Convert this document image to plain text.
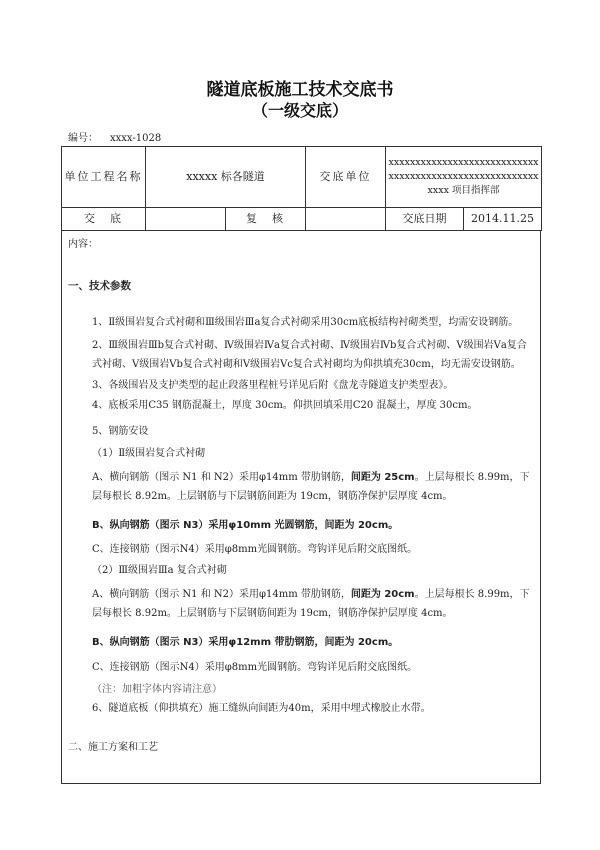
隧道底板施工技术交底书
（一级交底）
编号： xxxx-1028
单位工程名称	xxxxx 标各隧道		交底单位	xxxxxxxxxxxxxxxxxxxxxxxxxxxxxxxxxxxxxxxxxxxxxxxxxxxxxxxxxxxx 项目指挥部	
交　底		复　核		交底日期	2014.11.25
内容：
一、技术参数
1、Ⅱ级围岩复合式衬砌和Ⅲ级围岩Ⅲa复合式衬砌采用30cm底板结构衬砌类型，均需安设钢筋。
2、Ⅲ级围岩Ⅲb复合式衬砌、Ⅳ级围岩Ⅳa复合式衬砌、Ⅳ级围岩Ⅳb复合式衬砌、Ⅴ级围岩Ⅴa复合式衬砌、Ⅴ级围岩Ⅴb复合式衬砌和Ⅴ级围岩Ⅴc复合式衬砌均为仰拱填充30cm，均无需安设钢筋。
3、各级围岩及支护类型的起止段落里程桩号详见后附《盘龙寺隧道支护类型表》。
4、底板采用C35 钢筋混凝土，厚度 30cm。仰拱回填采用C20 混凝土，厚度 30cm。
5、钢筋安设
（1）Ⅱ级围岩复合式衬砌
A、横向钢筋（图示 N1 和 N2）采用φ14mm 带肋钢筋，间距为 25cm。上层每根长 8.99m，下层每根长 8.92m。上层钢筋与下层钢筋间距为 19cm，钢筋净保护层厚度 4cm。
B、纵向钢筋（图示 N3）采用φ10mm 光圆钢筋，间距为 20cm。
C、连接钢筋（图示N4）采用φ8mm光圆钢筋。弯钩详见后附交底图纸。
（2）Ⅲ级围岩Ⅲa 复合式衬砌
A、横向钢筋（图示 N1 和 N2）采用φ14mm 带肋钢筋，间距为 20cm。上层每根长 8.99m，下层每根长 8.92m。上层钢筋与下层钢筋间距为 19cm，钢筋净保护层厚度 4cm。
B、纵向钢筋（图示 N3）采用φ12mm 带肋钢筋，间距为 20cm。
C、连接钢筋（图示N4）采用φ8mm光圆钢筋。弯钩详见后附交底图纸。
（注：加粗字体内容请注意）
6、隧道底板（仰拱填充）施工缝纵向间距为40m，采用中埋式橡胶止水带。
二、施工方案和工艺
